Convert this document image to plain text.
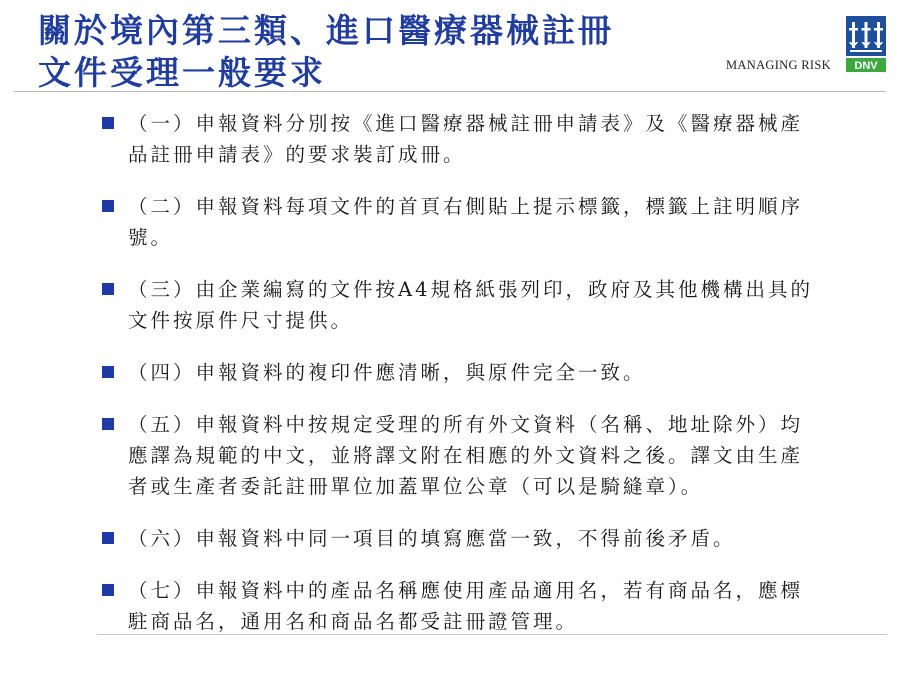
關於境內第三類、進口醫療器械註冊
文件受理一般要求	MANAGING RISK DNV
（一）申報資料分別按《進口醫療器械註冊申請表》及《醫療器械產品註冊申請表》的要求裝訂成冊。
（二）申報資料每項文件的首頁右側貼上提示標籤，標籤上註明順序號。
（三）由企業編寫的文件按A4規格紙張列印，政府及其他機構出具的文件按原件尺寸提供。
（四）申報資料的複印件應清晰，與原件完全一致。
（五）申報資料中按規定受理的所有外文資料（名稱、地址除外）均應譯為規範的中文，並將譯文附在相應的外文資料之後。譯文由生產者或生產者委託註冊單位加蓋單位公章（可以是騎縫章）。
（六）申報資料中同一項目的填寫應當一致，不得前後矛盾。
（七）申報資料中的產品名稱應使用產品適用名，若有商品名，應標駐商品名，通用名和商品名都受註冊證管理。
